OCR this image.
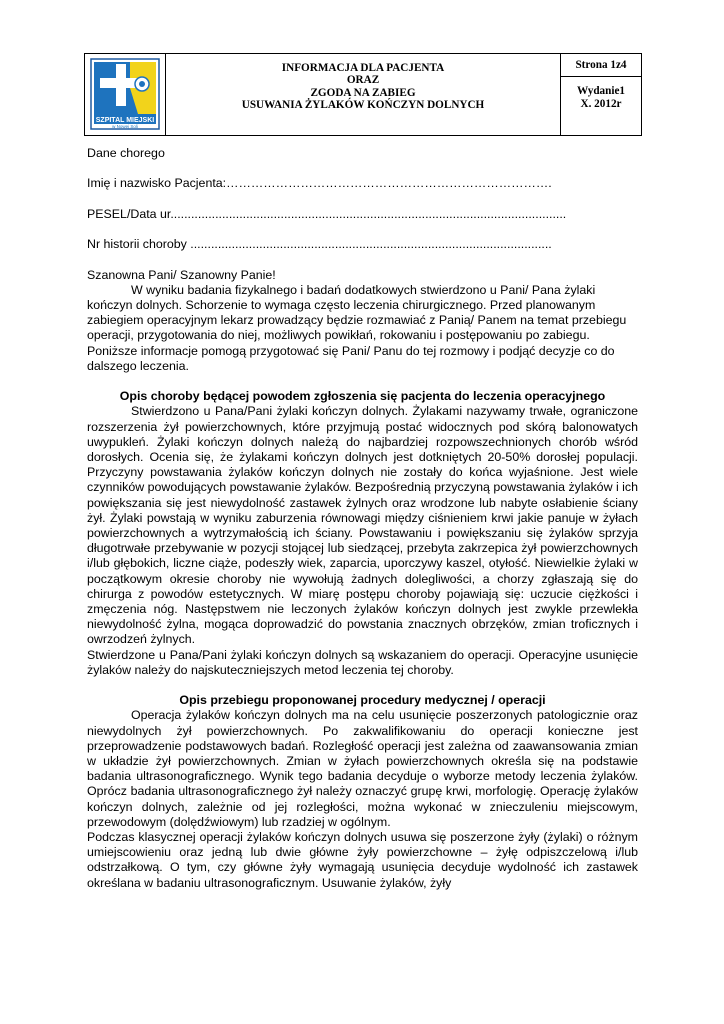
SZPITAL MIEJSKI
w Nowej Soli
INFORMACJA DLA PACJENTA
ORAZ
ZGODA NA ZABIEG
USUWANIA ŻYLAKÓW KOŃCZYN DOLNYCH
Strona 1z4
Wydanie1
X. 2012r

Dane chorego

Imię i nazwisko Pacjenta:…………………………………………………………………….

PESEL/Data ur...................................................................................................................

Nr historii choroby .........................................................................................................

Szanowna Pani/ Szanowny Panie!

W wyniku badania fizykalnego i badań dodatkowych stwierdzono u Pani/ Pana żylaki kończyn dolnych. Schorzenie to wymaga często leczenia chirurgicznego. Przed planowanym zabiegiem operacyjnym lekarz prowadzący będzie rozmawiać z Panią/ Panem na temat przebiegu operacji, przygotowania do niej, możliwych powikłań, rokowaniu i postępowaniu po zabiegu.

Poniższe informacje pomogą przygotować się Pani/ Panu do tej rozmowy i podjąć decyzje co do dalszego leczenia.

Opis choroby będącej powodem zgłoszenia się pacjenta do leczenia operacyjnego

Stwierdzono u Pana/Pani żylaki kończyn dolnych. Żylakami nazywamy trwałe, ograniczone rozszerzenia żył powierzchownych, które przyjmują postać widocznych pod skórą balonowatych uwypukleń. Żylaki kończyn dolnych należą do najbardziej rozpowszechnionych chorób wśród dorosłych. Ocenia się, że żylakami kończyn dolnych jest dotkniętych 20-50% dorosłej populacji. Przyczyny powstawania żylaków kończyn dolnych nie zostały do końca wyjaśnione. Jest wiele czynników powodujących powstawanie żylaków. Bezpośrednią przyczyną powstawania żylaków i ich powiększania się jest niewydolność zastawek żylnych oraz wrodzone lub nabyte osłabienie ściany żył. Żylaki powstają w wyniku zaburzenia równowagi między ciśnieniem krwi jakie panuje w żyłach powierzchownych a wytrzymałością ich ściany. Powstawaniu i powiększaniu się żylaków sprzyja długotrwałe przebywanie w pozycji stojącej lub siedzącej, przebyta zakrzepica żył powierzchownych i/lub głębokich, liczne ciąże, podeszły wiek, zaparcia, uporczywy kaszel, otyłość. Niewielkie żylaki w początkowym okresie choroby nie wywołują żadnych dolegliwości, a chorzy zgłaszają się do chirurga z powodów estetycznych. W miarę postępu choroby pojawiają się: uczucie ciężkości i zmęczenia nóg. Następstwem nie leczonych żylaków kończyn dolnych jest zwykle przewlekła niewydolność żylna, mogąca doprowadzić do powstania znacznych obrzęków, zmian troficznych i owrzodzeń żylnych.

Stwierdzone u Pana/Pani żylaki kończyn dolnych są wskazaniem do operacji. Operacyjne usunięcie żylaków należy do najskuteczniejszych metod leczenia tej choroby.

Opis przebiegu proponowanej procedury medycznej / operacji

Operacja żylaków kończyn dolnych ma na celu usunięcie poszerzonych patologicznie oraz niewydolnych żył powierzchownych. Po zakwalifikowaniu do operacji konieczne jest przeprowadzenie podstawowych badań. Rozległość operacji jest zależna od zaawansowania zmian w układzie żył powierzchownych. Zmian w żyłach powierzchownych określa się na podstawie badania ultrasonograficznego. Wynik tego badania decyduje o wyborze metody leczenia żylaków. Oprócz badania ultrasonograficznego żył należy oznaczyć grupę krwi, morfologię. Operację żylaków kończyn dolnych, zależnie od jej rozległości, można wykonać w znieczuleniu miejscowym, przewodowym (dolędźwiowym) lub rzadziej w ogólnym.

Podczas klasycznej operacji żylaków kończyn dolnych usuwa się poszerzone żyły (żylaki) o różnym umiejscowieniu oraz jedną lub dwie główne żyły powierzchowne – żyłę odpiszczelową i/lub odstrzałkową. O tym, czy główne żyły wymagają usunięcia decyduje wydolność ich zastawek określana w badaniu ultrasonograficznym. Usuwanie żylaków, żyły
